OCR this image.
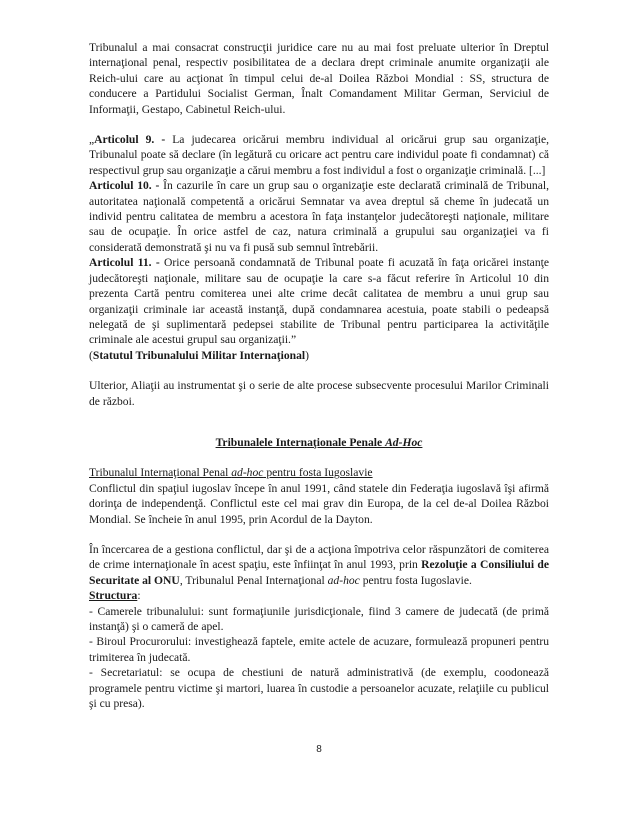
Tribunalul a mai consacrat construcţii juridice care nu au mai fost preluate ulterior în Dreptul internaţional penal, respectiv posibilitatea de a declara drept criminale anumite organizaţii ale Reich-ului care au acţionat în timpul celui de-al Doilea Război Mondial : SS, structura de conducere a Partidului Socialist German, Înalt Comandament Militar German, Serviciul de Informaţii, Gestapo, Cabinetul Reich-ului.

„Articolul 9. - La judecarea oricărui membru individual al oricărui grup sau organizaţie, Tribunalul poate să declare (în legătură cu oricare act pentru care individul poate fi condamnat) că respectivul grup sau organizaţie a cărui membru a fost individul a fost o organizaţie criminală. [...]

Articolul 10. - În cazurile în care un grup sau o organizaţie este declarată criminală de Tribunal, autoritatea naţională competentă a oricărui Semnatar va avea dreptul să cheme în judecată un individ pentru calitatea de membru a acestora în faţa instanţelor judecătoreşti naţionale, militare sau de ocupaţie. În orice astfel de caz, natura criminală a grupului sau organizaţiei va fi considerată demonstrată şi nu va fi pusă sub semnul întrebării.

Articolul 11. - Orice persoană condamnată de Tribunal poate fi acuzată în faţa oricărei instanţe judecătoreşti naţionale, militare sau de ocupaţie la care s-a făcut referire în Articolul 10 din prezenta Cartă pentru comiterea unei alte crime decât calitatea de membru a unui grup sau organizaţii criminale iar această instanţă, după condamnarea acestuia, poate stabili o pedeapsă nelegată de şi suplimentară pedepsei stabilite de Tribunal pentru participarea la activităţile criminale ale acestui grupul sau organizaţii.”

(Statutul Tribunalului Militar Internaţional)

Ulterior, Aliaţii au instrumentat şi o serie de alte procese subsecvente procesului Marilor Criminali de război.

Tribunalele Internaţionale Penale Ad-Hoc

Tribunalul Internaţional Penal ad-hoc pentru fosta Iugoslavie

Conflictul din spaţiul iugoslav începe în anul 1991, când statele din Federaţia iugoslavă îşi afirmă dorinţa de independenţă. Conflictul este cel mai grav din Europa, de la cel de-al Doilea Război Mondial. Se încheie în anul 1995, prin Acordul de la Dayton.

În încercarea de a gestiona conflictul, dar şi de a acţiona împotriva celor răspunzători de comiterea de crime internaţionale în acest spaţiu, este înfiinţat în anul 1993, prin Rezoluţie a Consiliului de Securitate al ONU, Tribunalul Penal Internaţional ad-hoc pentru fosta Iugoslavie.

Structura:

- Camerele tribunalului: sunt formaţiunile jurisdicţionale, fiind 3 camere de judecată (de primă instanţă) şi o cameră de apel.

- Biroul Procurorului: investighează faptele, emite actele de acuzare, formulează propuneri pentru trimiterea în judecată.

- Secretariatul: se ocupa de chestiuni de natură administrativă (de exemplu, coodonează programele pentru victime şi martori, luarea în custodie a persoanelor acuzate, relaţiile cu publicul şi cu presa).

8
